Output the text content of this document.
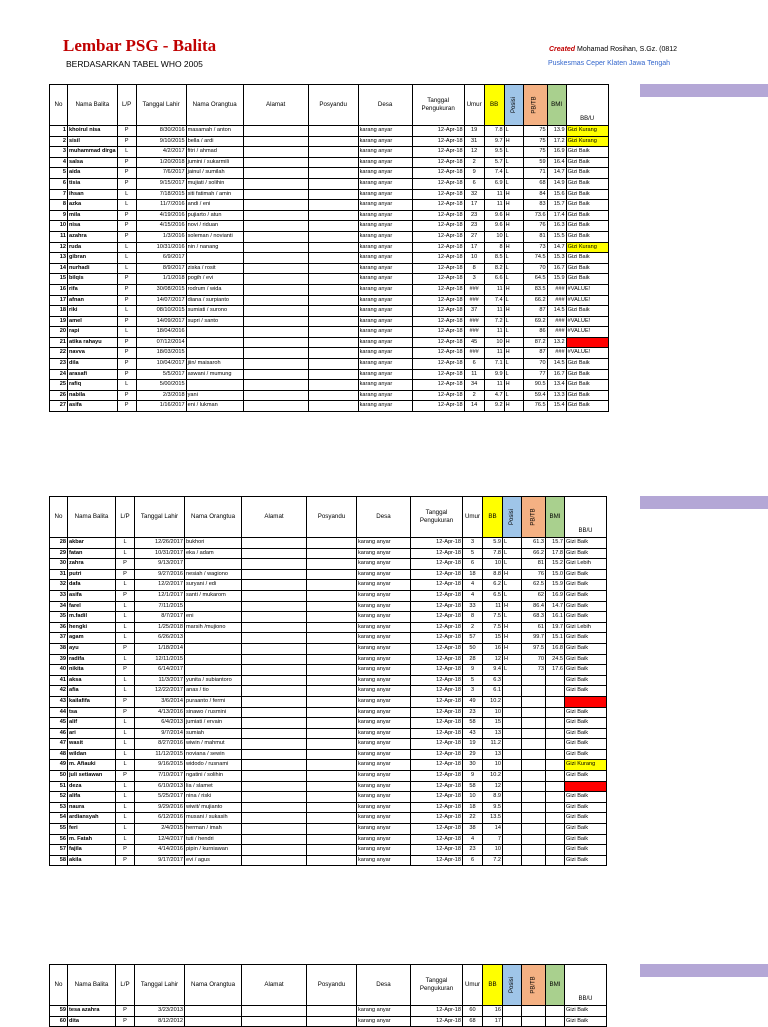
Lembar PSG - Balita
BERDASARKAN TABEL WHO 2005
Created Mohamad Rosihan, S.Gz. (0812
Puskesmas Ceper Klaten Jawa Tengah
No	Nama Balita	L/P	Tanggal Lahir	Nama Orangtua	Alamat	Posyandu	Desa	Tanggal Pengukuran	Umur	BB	Posisi	PB/TB	BMI	BB/U
1	khoirul nisa	P	8/30/2016	masamah / anton			karang anyar	12-Apr-18	19	7.8	L	75	13.9	Gizi Kurang
2	sisil	P	9/10/2015	bella / ardi			karang anyar	12-Apr-18	31	9.7	H	75	17.2	Gizi Kurang
3	muhammad dirga	L	4/2/2017	fitri / ahmad			karang anyar	12-Apr-18	12	9.5	L	75	16.9	Gizi Baik
4	salsa	P	1/20/2018	jumini / sukarmili			karang anyar	12-Apr-18	2	5.7	L	59	16.4	Gizi Baik
5	aida	P	7/6/2017	jainul / sumilah			karang anyar	12-Apr-18	9	7.4	L	71	14.7	Gizi Baik
6	tisia	P	9/15/2017	mujiati / solihin			karang anyar	12-Apr-18	6	6.9	L	68	14.9	Gizi Baik
7	ihsan	L	7/18/2015	siti fatimah / amin			karang anyar	12-Apr-18	32	11	H	84	15.6	Gizi Baik
8	azka	L	11/7/2016	andi / eni			karang anyar	12-Apr-18	17	11	H	83	15.7	Gizi Baik
9	mila	P	4/19/2016	pujiarto / atun			karang anyar	12-Apr-18	23	9.6	H	73.6	17.4	Gizi Baik
10	nisa	P	4/15/2016	novi / riduan			karang anyar	12-Apr-18	23	9.6	H	76	16.3	Gizi Baik
11	azahra	P	1/3/2016	soleman / novianti			karang anyar	12-Apr-18	27	10	L	81	15.5	Gizi Baik
12	ruda	L	10/31/2016	nin / nanang			karang anyar	12-Apr-18	17	8	H	73	14.7	Gizi Kurang
13	gibran	L	6/9/2017				karang anyar	12-Apr-18	10	8.5	L	74.5	15.3	Gizi Baik
14	nurhadi	L	8/9/2017	ziska / rosit			karang anyar	12-Apr-18	8	8.2	L	70	16.7	Gizi Baik
15	bilqis	P	1/1/2018	pogih / evi			karang anyar	12-Apr-18	3	6.6	L	64.5	15.9	Gizi Baik
16	rifa	P	30/08/2015	rodrum / wida			karang anyar	12-Apr-18	###	11	H	83.5	###	#VALUE!
17	afnan	P	14/07/2017	diana / surpianto			karang anyar	12-Apr-18	###	7.4	L	66.2	###	#VALUE!
18	riki	L	08/10/2015	sumiati / surono			karang anyar	12-Apr-18	37	11	H	87	14.5	Gizi Baik
19	amel	P	14/09/2017	supri / santo			karang anyar	12-Apr-18	###	7.2	L	69.2	###	#VALUE!
20	rapi	L	18/04/2016				karang anyar	12-Apr-18	###	11	L	86	###	#VALUE!
21	atika rahayu	P	07/12/2014				karang anyar	12-Apr-18	45	10	H	87.2	13.2	Gizi Buruk
22	navva	P	18/03/2015				karang anyar	12-Apr-18	###	11	H	87	###	#VALUE!
23	dila	P	10/04/2017	jiin/ maisaroh			karang anyar	12-Apr-18	6	7.1	L	70	14.5	Gizi Baik
24	arasafi	P	5/5/2017	aswani / mumung			karang anyar	12-Apr-18	11	9.9	L	77	16.7	Gizi Baik
25	rafiq	L	5/00/2015				karang anyar	12-Apr-18	34	11	H	90.5	13.4	Gizi Baik
26	nabila	P	2/3/2018	yani			karang anyar	12-Apr-18	2	4.7	L	59.4	13.3	Gizi Baik
27	asifa	P	1/16/2017	eni / lukman			karang anyar	12-Apr-18	14	9.2	H	76.5	15.4	Gizi Baik
No	Nama Balita	L/P	Tanggal Lahir	Nama Orangtua	Alamat	Posyandu	Desa	Tanggal Pengukuran	Umur	BB	Posisi	PB/TB	BMI	BB/U
28	akbar	L	12/26/2017	bukhori			karang anyar	12-Apr-18	3	5.9	L	61.3	15.7	Gizi Baik
29	fatan	L	10/31/2017	eka / adam			karang anyar	12-Apr-18	5	7.8	L	66.2	17.8	Gizi Baik
30	zahra	P	9/13/2017				karang anyar	12-Apr-18	6	10	L	81	15.2	Gizi Lebih
31	putri	P	9/27/2016	nesiah / wagiono			karang anyar	12-Apr-18	18	8.8	H	76	15.0	Gizi Baik
32	dafa	L	12/2/2017	suryani / edi			karang anyar	12-Apr-18	4	6.2	L	62.5	15.9	Gizi Baik
33	asifa	P	12/1/2017	santi / mukarom			karang anyar	12-Apr-18	4	6.5	L	62	16.9	Gizi Baik
34	farel	L	7/11/2015				karang anyar	12-Apr-18	33	11	H	86.4	14.7	Gizi Baik
35	m.fadil	L	8/7/2017	eni			karang anyar	12-Apr-18	8	7.5	L	68.3	16.1	Gizi Baik
36	hengki	L	1/25/2018	marsih /mujiono			karang anyar	12-Apr-18	2	7.5	H	61	19.7	Gizi Lebih
37	agam	L	6/26/2013				karang anyar	12-Apr-18	57	15	H	99.7	15.1	Gizi Baik
38	ayu	P	1/18/2014				karang anyar	12-Apr-18	50	16	H	97.5	16.8	Gizi Baik
39	radifa	L	12/11/2015				karang anyar	12-Apr-18	28	12	H	70	24.5	Gizi Baik
40	nikita	P	6/14/2017				karang anyar	12-Apr-18	9	9.4	L	73	17.6	Gizi Baik
41	aksa	L	11/3/2017	yunita / subiantoro			karang anyar	12-Apr-18	5	6.3				Gizi Baik
42	afia	L	12/22/2017	anas / tio			karang anyar	12-Apr-18	3	6.1				Gizi Baik
43	kailafifa	P	3/6/2014	puraanto / fermi			karang anyar	12-Apr-18	49	10.2				Gizi Buruk
44	tsa	P	4/13/2016	sinawo / rusmini			karang anyar	12-Apr-18	23	10				Gizi Baik
45	alif	L	6/4/2013	jumiati / ervain			karang anyar	12-Apr-18	58	15				Gizi Baik
46	ari	L	9/7/2014	sumiah			karang anyar	12-Apr-18	43	13				Gizi Baik
47	wasit	L	8/27/2016	wiwin / mahmut			karang anyar	12-Apr-18	19	11.2				Gizi Baik
48	wildan	L	11/12/2015	noviana / sewin			karang anyar	12-Apr-18	29	13				Gizi Baik
49	m. Afiauki	L	9/16/2015	widodo / rusnami			karang anyar	12-Apr-18	30	10				Gizi Kurang
50	juli setiawan	P	7/10/2017	ngatini / solihin			karang anyar	12-Apr-18	9	10.2				Gizi Baik
51	deza	L	6/10/2013	lia / slamet			karang anyar	12-Apr-18	58	12				Gizi Buruk
52	alifa	L	5/25/2017	nina / riski			karang anyar	12-Apr-18	10	8.9				Gizi Baik
53	naura	L	9/29/2016	wiwit/ mujianto			karang anyar	12-Apr-18	18	9.5				Gizi Baik
54	ardiansyah	L	6/12/2016	musani / sukasih			karang anyar	12-Apr-18	22	13.5				Gizi Baik
55	feri	L	2/4/2015	herman / imah			karang anyar	12-Apr-18	38	14				Gizi Baik
56	m. Fatah	L	12/4/2017	tuti / hendri			karang anyar	12-Apr-18	4	7				Gizi Baik
57	fajila	P	4/14/2016	pipin / kurniawan			karang anyar	12-Apr-18	23	10				Gizi Baik
58	akila	P	9/17/2017	evi / agus			karang anyar	12-Apr-18	6	7.2				Gizi Baik
No	Nama Balita	L/P	Tanggal Lahir	Nama Orangtua	Alamat	Posyandu	Desa	Tanggal Pengukuran	Umur	BB	Posisi	PB/TB	BMI	BB/U
59	tesa azahra	P	3/23/2013				karang anyar	12-Apr-18	60	16				Gizi Baik
60	dita	P	8/12/2012				karang anyar	12-Apr-18	68	17				Gizi Baik
